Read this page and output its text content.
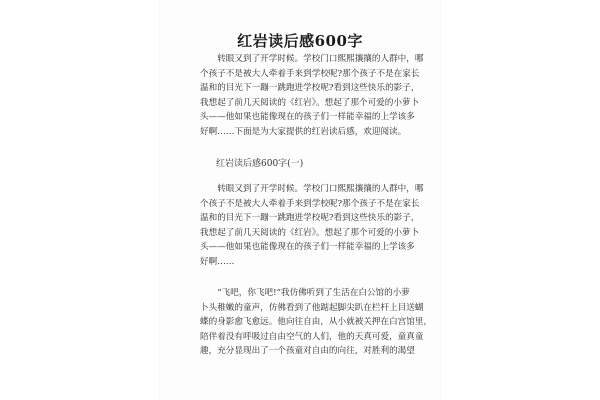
红岩读后感600字
　　转眼又到了开学时候。学校门口熙熙攘攘的人群中，哪
个孩子不是被大人牵着手来到学校呢?那个孩子不是在家长
温和的目光下一蹦一跳跑进学校呢?看到这些快乐的影子，
我想起了前几天阅读的《红岩》。想起了那个可爱的小萝卜
头——他如果也能像现在的孩子们一样能幸福的上学该多
好啊……下面是为大家提供的红岩读后感，欢迎阅读。
红岩读后感600字(一)
　　转眼又到了开学时候。学校门口熙熙攘攘的人群中，哪
个孩子不是被大人牵着手来到学校呢?那个孩子不是在家长
温和的目光下一蹦一跳跑进学校呢?看到这些快乐的影子，
我想起了前几天阅读的《红岩》。想起了那个可爱的小萝卜
头——他如果也能像现在的孩子们一样能幸福的上学该多
好啊……
　　“飞吧，你飞吧!”我仿佛听到了生活在白公馆的小萝
卜头稚嫩的童声，仿佛看到了他踮起脚尖趴在栏杆上目送蝴
蝶的身影愈飞愈远。他向往自由，从小就被关押在白宫馆里，
陪伴着没有呼吸过自由空气的人们，他的天真可爱，童真童
趣，充分显现出了一个孩童对自由的向往，对胜利的渴望
